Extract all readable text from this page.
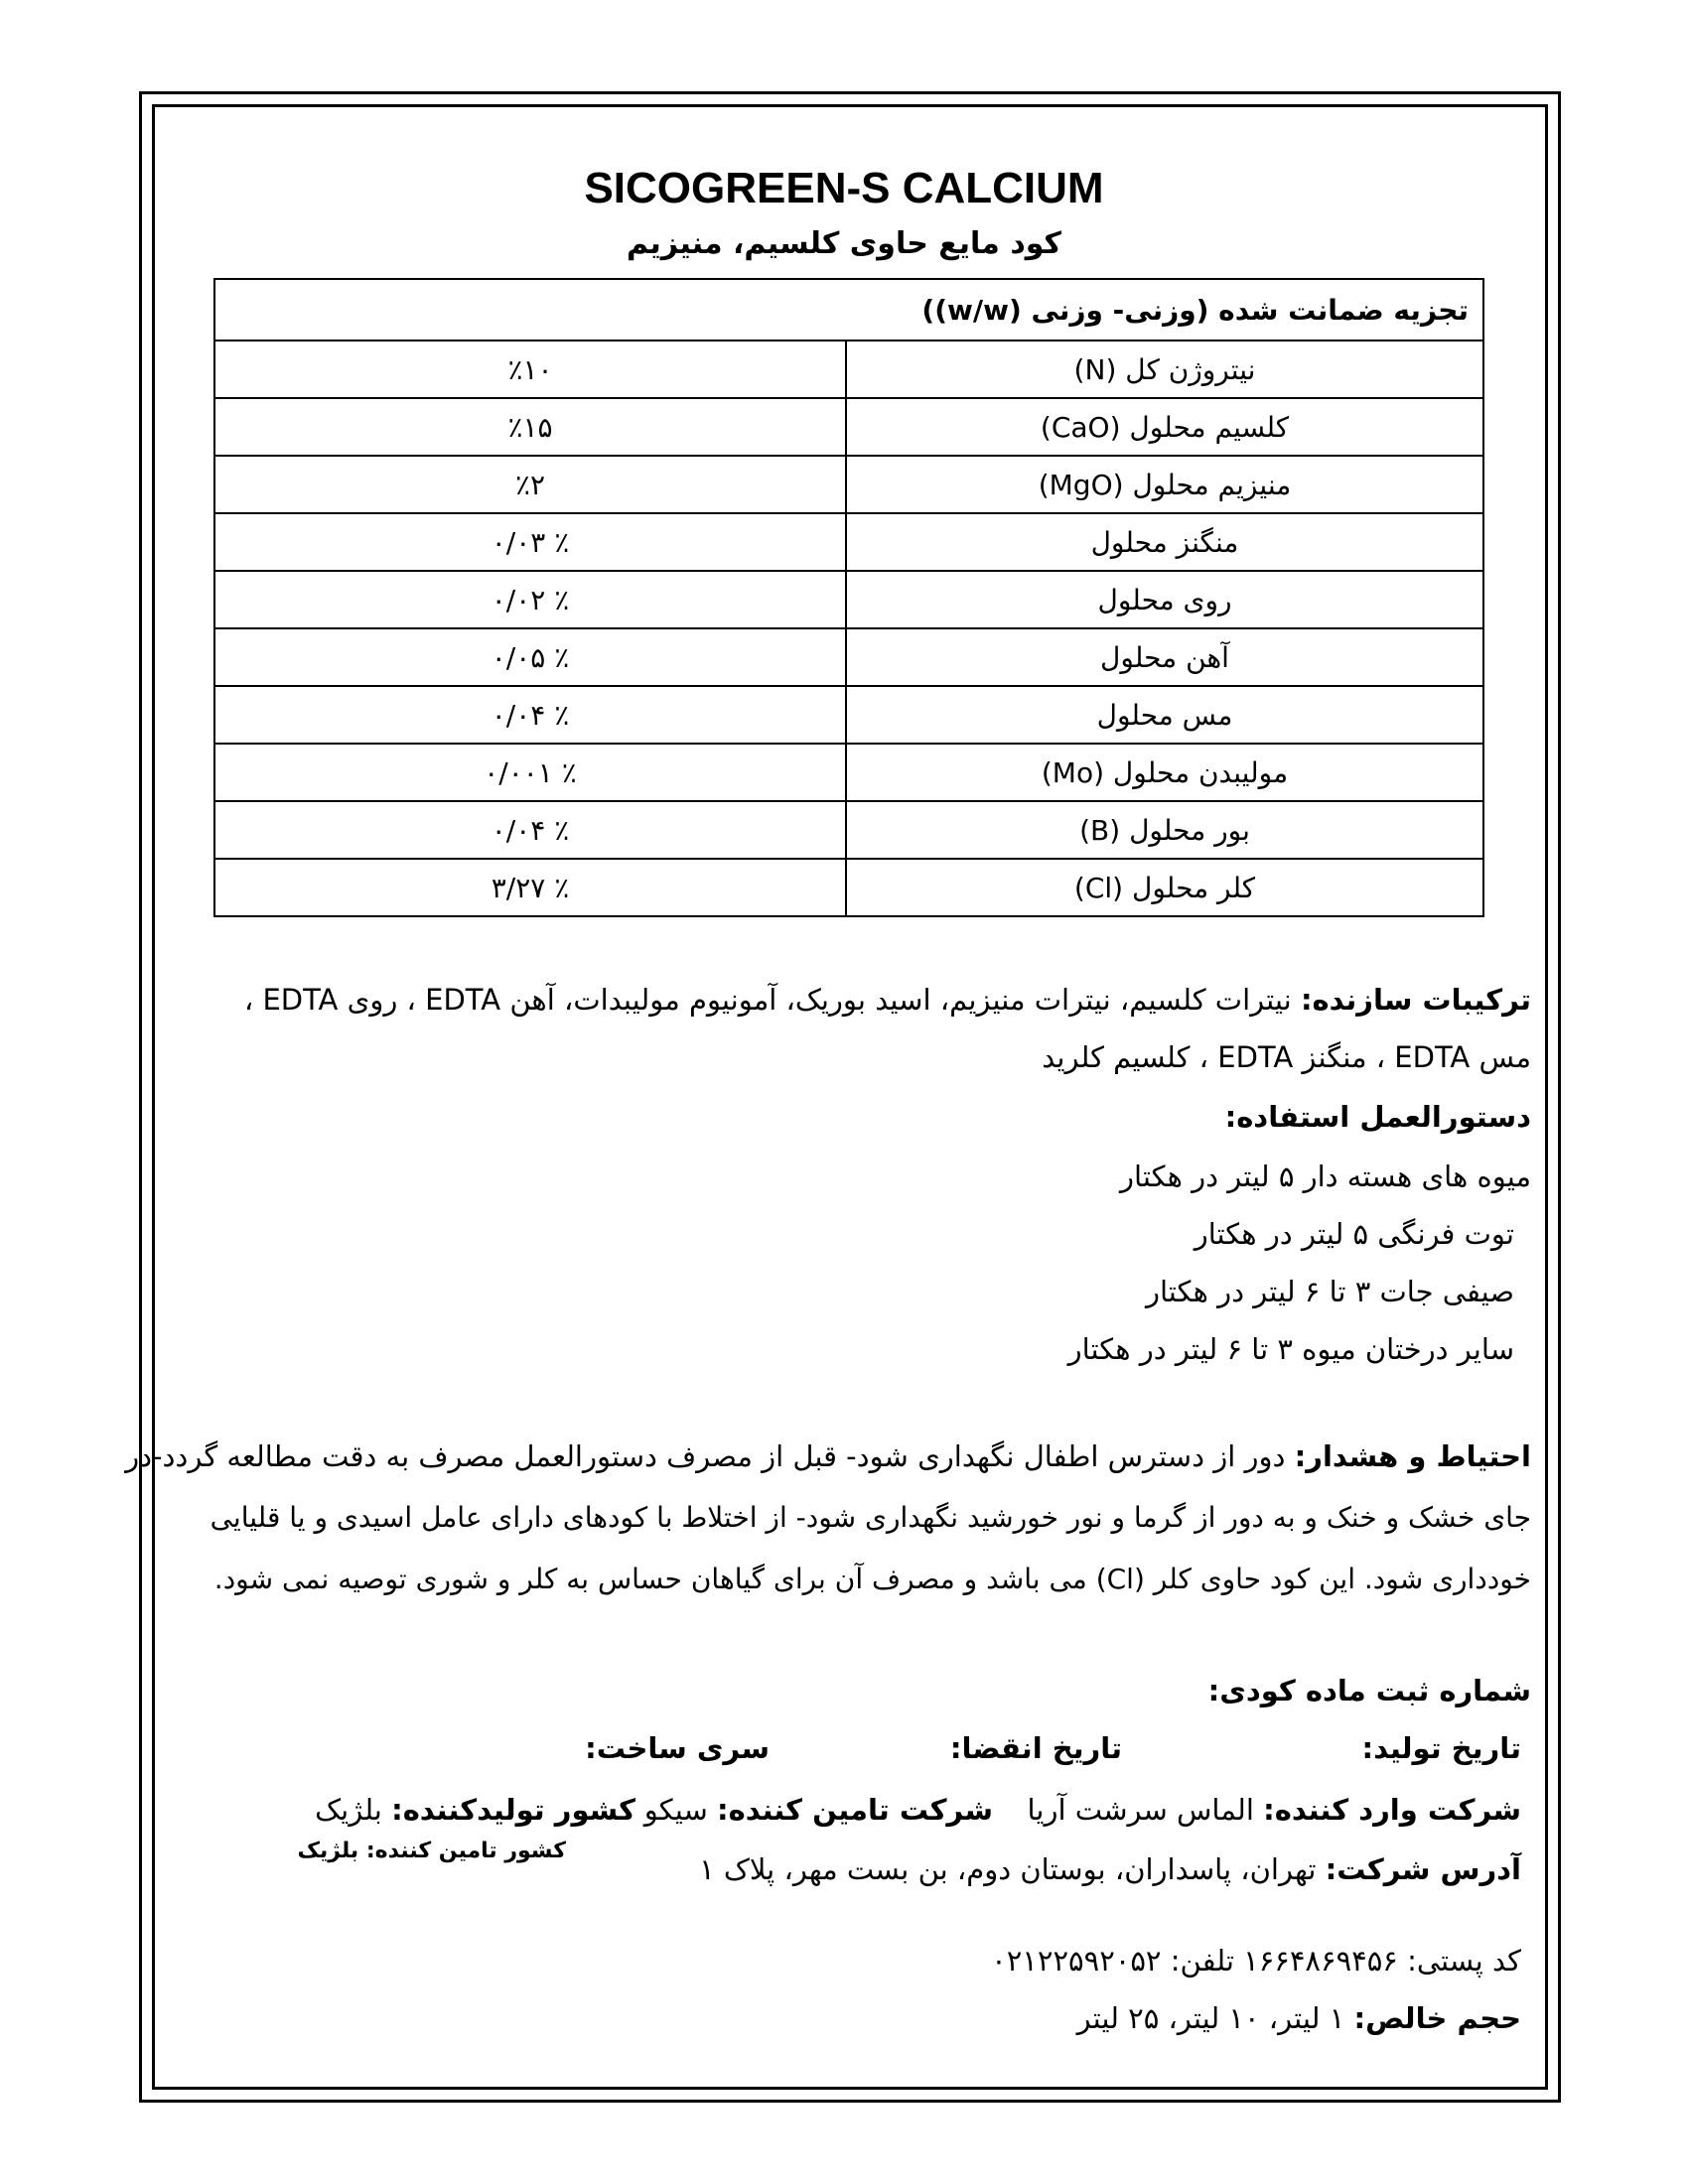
SICOGREEN-S CALCIUM
کود مایع حاوی کلسیم، منیزیم
تجزیه ضمانت شده (وزنی- وزنی (w/w))	
نیتروژن کل (N)	٪۱۰
کلسیم محلول (CaO)	٪۱۵
منیزیم محلول (MgO)	٪۲
منگنز محلول	٪ ۰/۰۳
روی محلول	٪ ۰/۰۲
آهن محلول	٪ ۰/۰۵
مس محلول	٪ ۰/۰۴
مولیبدن محلول (Mo)	٪ ۰/۰۰۱
بور محلول (B)	٪ ۰/۰۴
کلر محلول (Cl)	٪ ۳/۲۷
ترکیبات سازنده: نیترات کلسیم، نیترات منیزیم، اسید بوریک، آمونیوم مولیبدات، آهن EDTA ، روی EDTA ،
مس EDTA ، منگنز EDTA ، کلسیم کلرید
دستورالعمل استفاده:
میوه های هسته دار ۵ لیتر در هکتار
توت فرنگی ۵ لیتر در هکتار
صیفی جات ۳ تا ۶ لیتر در هکتار
سایر درختان میوه ۳ تا ۶ لیتر در هکتار
احتیاط و هشدار: دور از دسترس اطفال نگهداری شود- قبل از مصرف دستورالعمل مصرف به دقت مطالعه گردد-در
جای خشک و خنک و به دور از گرما و نور خورشید نگهداری شود- از اختلاط با کودهای دارای عامل اسیدی و یا قلیایی
خودداری شود. این کود حاوی کلر (Cl) می باشد و مصرف آن برای گیاهان حساس به کلر و شوری توصیه نمی شود.
شماره ثبت ماده کودی:
تاریخ تولید:
تاریخ انقضا:
سری ساخت:
شرکت وارد کننده: الماس سرشت آریا
شرکت تامین کننده: سیکو
کشور تولیدکننده: بلژیک
کشور تامین کننده: بلژیک
آدرس شرکت: تهران، پاسداران، بوستان دوم، بن بست مهر، پلاک ۱
کد پستی: ۱۶۶۴۸۶۹۴۵۶ تلفن: ۰۲۱۲۲۵۹۲۰۵۲
حجم خالص: ۱ لیتر، ۱۰ لیتر، ۲۵ لیتر
